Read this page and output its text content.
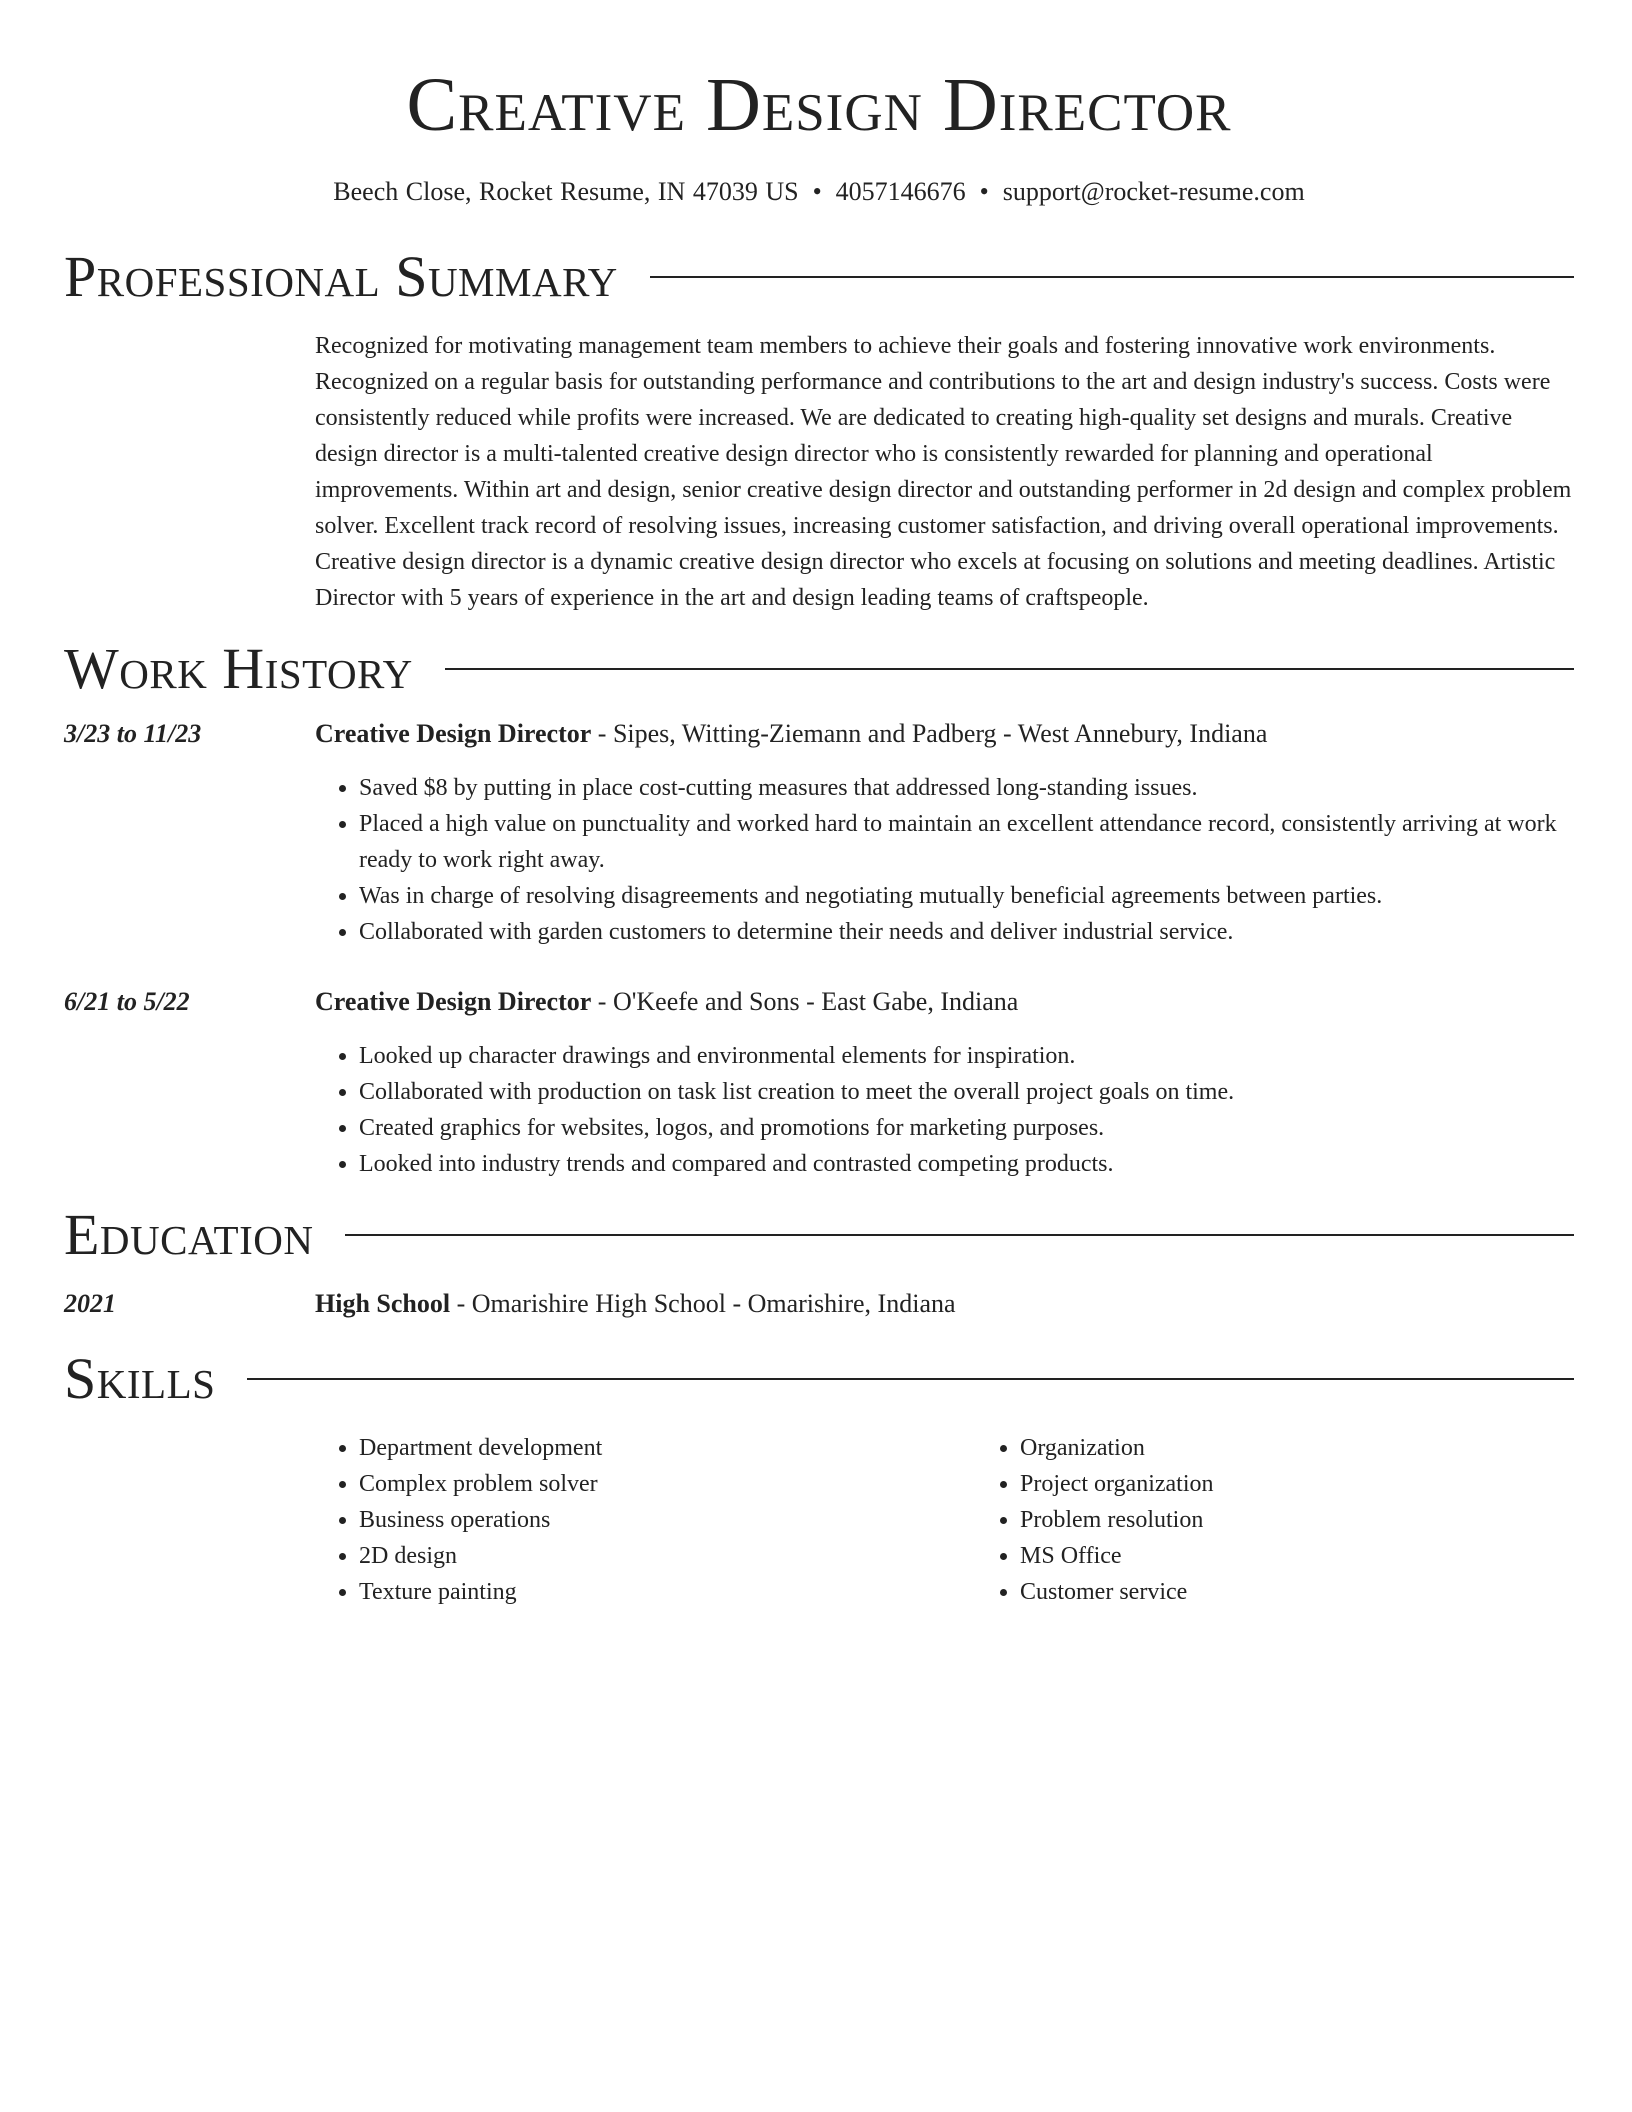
Creative Design Director
Beech Close, Rocket Resume, IN 47039 US • 4057146676 • support@rocket-resume.com
Professional Summary
Recognized for motivating management team members to achieve their goals and fostering innovative work environments. Recognized on a regular basis for outstanding performance and contributions to the art and design industry's success. Costs were consistently reduced while profits were increased. We are dedicated to creating high-quality set designs and murals. Creative design director is a multi-talented creative design director who is consistently rewarded for planning and operational improvements. Within art and design, senior creative design director and outstanding performer in 2d design and complex problem solver. Excellent track record of resolving issues, increasing customer satisfaction, and driving overall operational improvements. Creative design director is a dynamic creative design director who excels at focusing on solutions and meeting deadlines. Artistic Director with 5 years of experience in the art and design leading teams of craftspeople.
Work History
3/23 to 11/23	Creative Design Director - Sipes, Witting-Ziemann and Padberg - West Annebury, Indiana
• Saved $8 by putting in place cost-cutting measures that addressed long-standing issues.
• Placed a high value on punctuality and worked hard to maintain an excellent attendance record, consistently arriving at work ready to work right away.
• Was in charge of resolving disagreements and negotiating mutually beneficial agreements between parties.
• Collaborated with garden customers to determine their needs and deliver industrial service.
6/21 to 5/22	Creative Design Director - O'Keefe and Sons - East Gabe, Indiana
• Looked up character drawings and environmental elements for inspiration.
• Collaborated with production on task list creation to meet the overall project goals on time.
• Created graphics for websites, logos, and promotions for marketing purposes.
• Looked into industry trends and compared and contrasted competing products.
Education
2021	High School - Omarishire High School - Omarishire, Indiana
Skills
• Department development
• Complex problem solver
• Business operations
• 2D design
• Texture painting
• Organization
• Project organization
• Problem resolution
• MS Office
• Customer service
